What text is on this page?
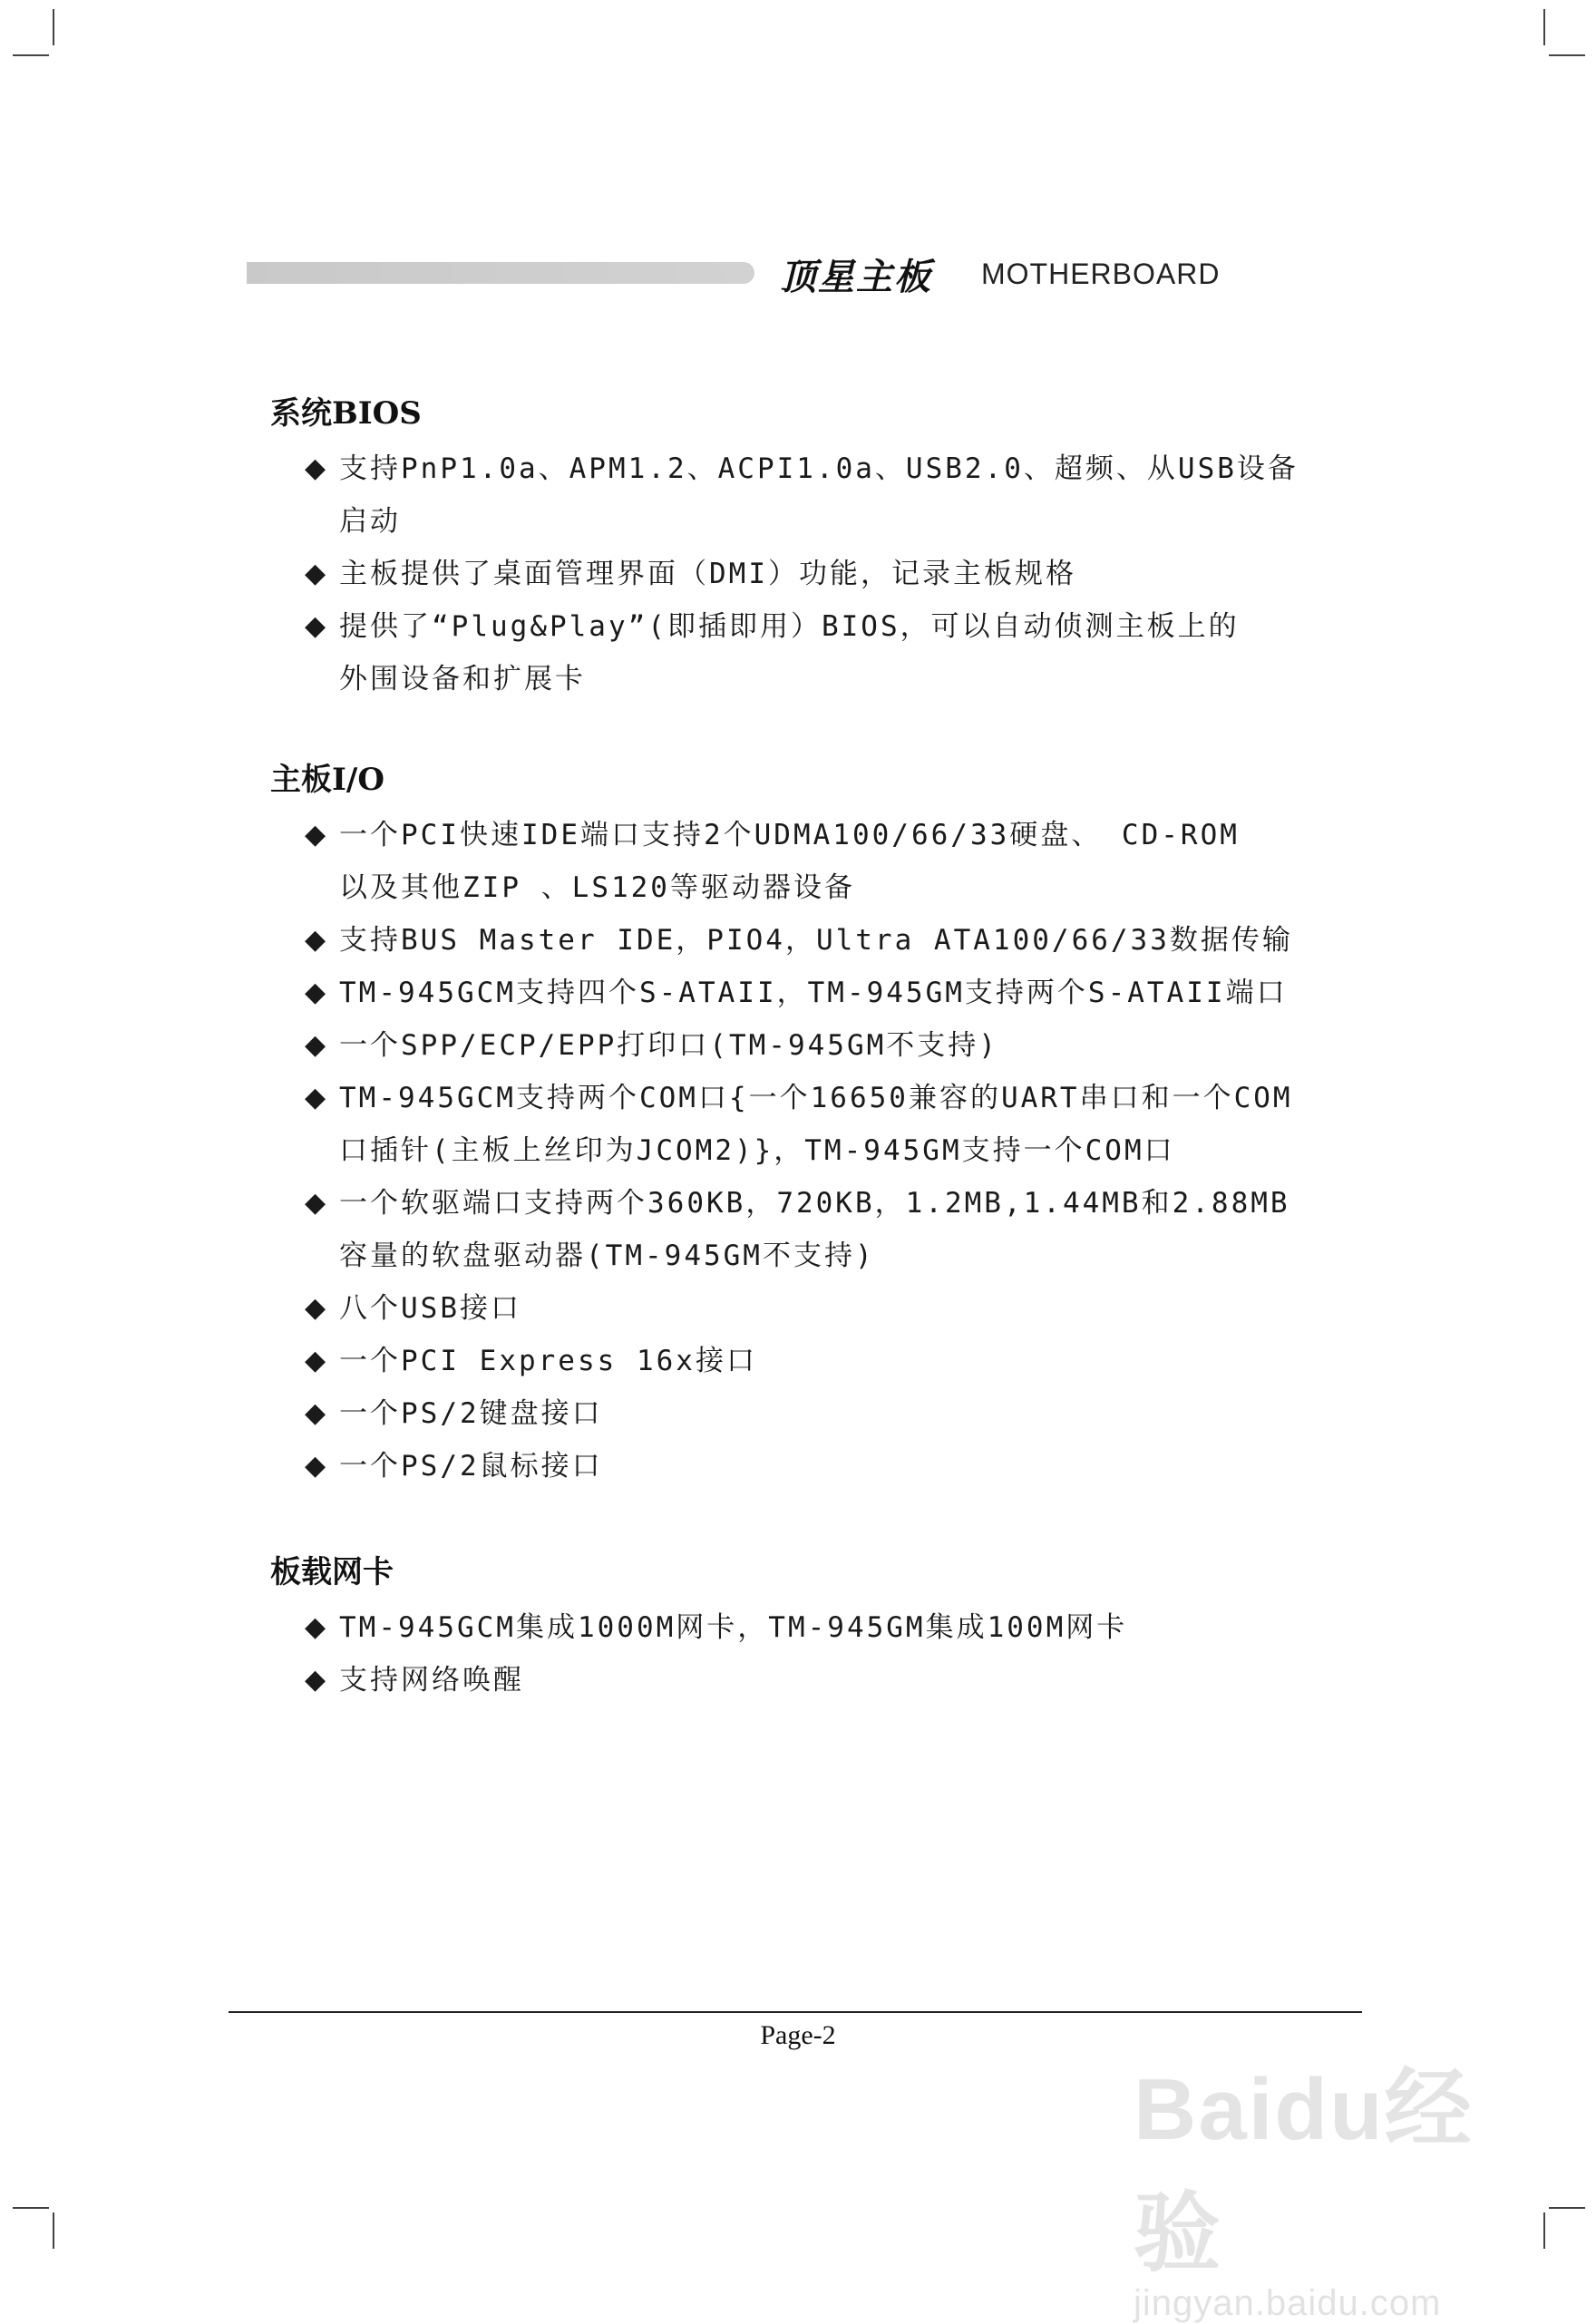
顶星主板 MOTHERBOARD
系统BIOS
◆ 支持PnP1.0a、APM1.2、ACPI1.0a、USB2.0、超频、从USB设备
启动
◆ 主板提供了桌面管理界面（DMI）功能，记录主板规格
◆ 提供了“Plug&Play”(即插即用）BIOS，可以自动侦测主板上的
外围设备和扩展卡
主板I/O
◆ 一个PCI快速IDE端口支持2个UDMA100/66/33硬盘、 CD-ROM
以及其他ZIP 、LS120等驱动器设备
◆ 支持BUS Master IDE，PIO4，Ultra ATA100/66/33数据传输
◆ TM-945GCM支持四个S-ATAII，TM-945GM支持两个S-ATAII端口
◆ 一个SPP/ECP/EPP打印口(TM-945GM不支持)
◆ TM-945GCM支持两个COM口{一个16650兼容的UART串口和一个COM
口插针(主板上丝印为JCOM2)}，TM-945GM支持一个COM口
◆ 一个软驱端口支持两个360KB，720KB，1.2MB,1.44MB和2.88MB
容量的软盘驱动器(TM-945GM不支持)
◆ 八个USB接口
◆ 一个PCI Express 16x接口
◆ 一个PS/2键盘接口
◆ 一个PS/2鼠标接口
板载网卡
◆ TM-945GCM集成1000M网卡，TM-945GM集成100M网卡
◆ 支持网络唤醒
Page-2
Baidu经验
jingyan.baidu.com
